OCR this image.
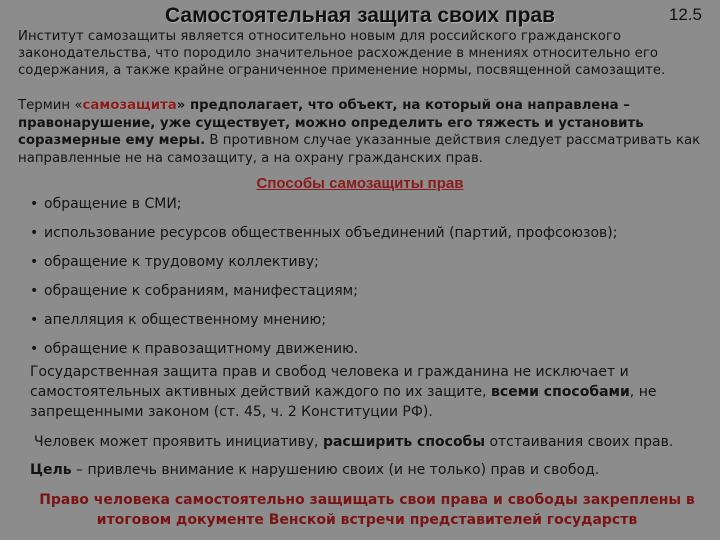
Самостоятельная защита своих прав	12.5

Институт самозащиты является относительно новым для российского гражданского законодательства, что породило значительное расхождение в мнениях относительно его содержания, а также крайне ограниченное применение нормы, посвященной самозащите.

Термин «самозащита» предполагает, что объект, на который она направлена – правонарушение, уже существует, можно определить его тяжесть и установить соразмерные ему меры. В противном случае указанные действия следует рассматривать как направленные не на самозащиту, а на охрану гражданских прав.

Способы самозащиты прав

• обращение в СМИ;
• использование ресурсов общественных объединений (партий, профсоюзов);
• обращение к трудовому коллективу;
• обращение к собраниям, манифестациям;
• апелляция к общественному мнению;
• обращение к правозащитному движению.

Государственная защита прав и свобод человека и гражданина не исключает и самостоятельных активных действий каждого по их защите, всеми способами, не запрещенными законом (ст. 45, ч. 2 Конституции РФ).

Человек может проявить инициативу, расширить способы отстаивания своих прав.

Цель – привлечь внимание к нарушению своих (и не только) прав и свобод.

Право человека самостоятельно защищать свои права и свободы закреплены в итоговом документе Венской встречи представителей государств
